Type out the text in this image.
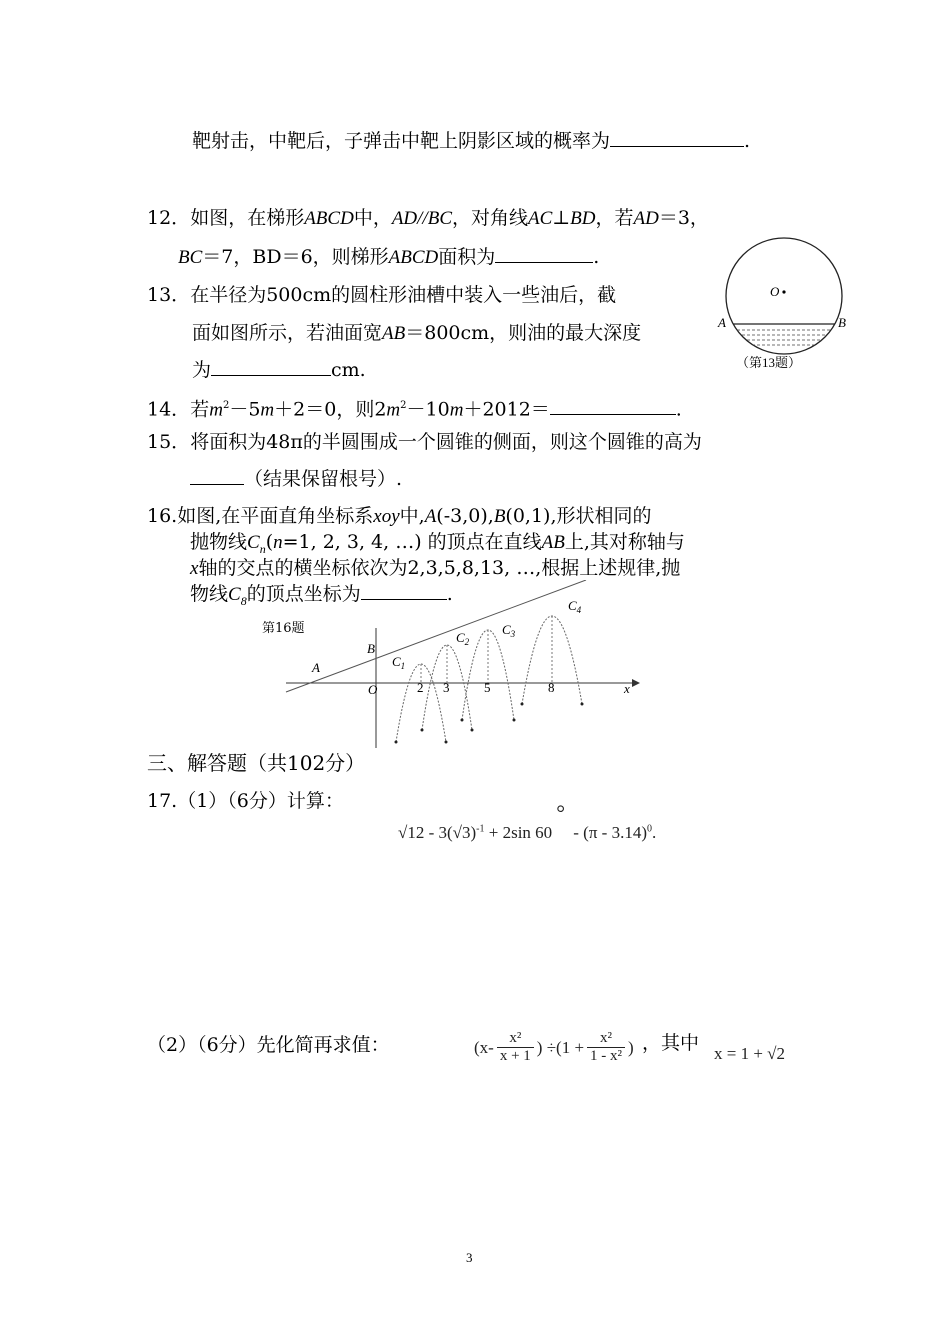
靶射击，中靶后，子弹击中靶上阴影区域的概率为	.
12．如图，在梯形ABCD中，AD//BC，对角线AC⊥BD，若AD＝3，
BC＝7，BD＝6，则梯形ABCD面积为	.
13．在半径为500cm的圆柱形油槽中装入一些油后，截
面如图所示，若油面宽AB＝800cm，则油的最大深度
为	cm.
O
A	B
（第13题）
14．若$m^2-5m+2=0$，则$2m^2-10m+2012=$	.
15．将面积为48π的半圆围成一个圆锥的侧面，则这个圆锥的高为
（结果保留根号）.
16.如图,在平面直角坐标系xoy中,A(-3,0),B(0,1),形状相同的
抛物线$C_n(n=1$, 2, 3, 4, …) 的顶点在直线AB上,其对称轴与
x轴的交点的横坐标依次为2,3,5,8,13, …,根据上述规律,抛
物线$C_8$的顶点坐标为	.
第16题
A
B
O	x
2 3	5	8
$C_1$
$C_2$
$C_3$
$C_4$
三、解答题（共102分）
17.（1）（6分）计算：
$√12 - 3(√3)^{-1} + 2\sin$ 60° - (π - 3.14)$^0$.
（2）（6分）先化简再求值：	($x- \frac{\text{x²}}{x + 1}$ ) $\div(1 + \frac{\text{x²}}{\text{1 - x²}}$ ) ，其中 x = 1 + √2
3
